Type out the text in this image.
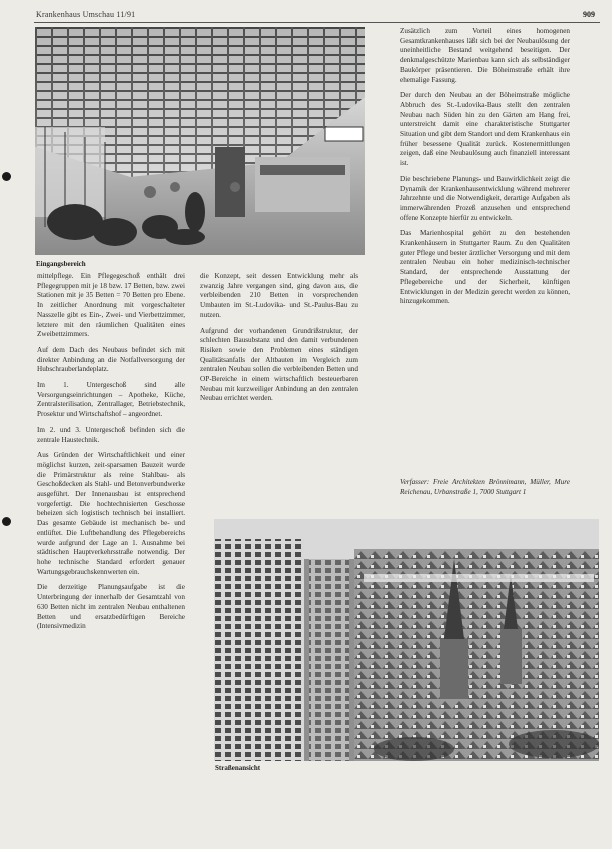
Krankenhaus Umschau 11/91	909
Eingangsbereich

mittelpflege. Ein Pflegegeschoß enthält drei Pflegegruppen mit je 18 bzw. 17 Betten, bzw. zwei Stationen mit je 35 Betten = 70 Betten pro Ebene. In zeitlicher Anordnung mit vorgeschalteter Nasszelle gibt es Ein-, Zwei- und Vierbettzimmer, letztere mit den räumlichen Qualitäten eines Zweibettzimmers.

Auf dem Dach des Neubaus befindet sich mit direkter Anbindung an die Notfallversorgung der Hubschrauberlandeplatz.

Im 1. Untergeschoß sind alle Versorgungseinrichtungen – Apotheke, Küche, Zentralsterilisation, Zentrallager, Betriebstechnik, Prosektur und Wirtschaftshof – angeordnet.

Im 2. und 3. Untergeschoß befinden sich die zentrale Haustechnik.

Aus Gründen der Wirtschaftlichkeit und einer möglichst kurzen, zeit-sparsamen Bauzeit wurde die Primärstruktur als reine Stahlbau- als Geschoßdecken als Stahl- und Betonverbundwerke ausgeführt. Der Innenausbau ist entsprechend vorgefertigt. Die hochtechnisierten Geschosse beheizen sich logistisch technisch bei installiert. Das gesamte Gebäude ist mechanisch be- und entlüftet. Die Luftbehandlung des Pflegebereichs wurde aufgrund der Lage an 1. Ausnahme bei städtischen Hauptverkehrsstraße notwendig. Der hohe technische Standard erfordert genauer Wartungsgebrauchskennwerten ein.

Die derzeitige Planungsaufgabe ist die Unterbringung der innerhalb der Gesamtzahl von 630 Betten nicht im zentralen Neubau enthaltenen Betten und ersatzbedürftigen Bereiche (Intensivmedizin

die Konzept, seit dessen Entwicklung mehr als zwanzig Jahre vergangen sind, ging davon aus, die verbleibenden 210 Betten in vorsprechenden Umbauten im St.-Ludovika- und St.-Paulus-Bau zu nutzen.

Aufgrund der vorhandenen Grundrißstruktur, der schlechten Bausubstanz und den damit verbundenen Risiken sowie den Problemen eines ständigen Qualitätsanfalls der Altbauten im Vergleich zum zentralen Neubau sollen die verbleibenden Betten und OP-Bereiche in einem wirtschaftlich besteuerbaren Neubau mit kurzweiliger Anbindung an den zentralen Neubau errichtet werden.

Zusätzlich zum Vorteil eines homogenen Gesamtkrankenhauses läßt sich bei der Neubaulösung der uneinheitliche Bestand weitgehend beseitigen. Der denkmalgeschützte Marienbau kann sich als selbständiger Baukörper präsentieren. Die Böheimstraße erhält ihre ehemalige Fassung.

Der durch den Neubau an der Böheimstraße mögliche Abbruch des St.-Ludovika-Baus stellt den zentralen Neubau nach Süden hin zu den Gärten am Hang frei, unterstreicht damit eine charakteristische Stuttgarter Situation und gibt dem Standort und dem Krankenhaus ein früher besessene Qualität zurück. Kostenermittlungen zeigen, daß eine Neubaulösung auch finanziell interessant ist.

Die beschriebene Planungs- und Bauwirklichkeit zeigt die Dynamik der Krankenhausentwicklung während mehrerer Jahrzehnte und die Notwendigkeit, derartige Aufgaben als immerwährenden Prozeß anzusehen und entsprechend offene Konzepte hierfür zu entwickeln.

Das Marienhospital gehört zu den bestehenden Krankenhäusern in Stuttgarter Raum. Zu den Qualitäten guter Pflege und bester ärztlicher Versorgung und mit dem zentralen Neubau ein hoher medizinisch-technischer Standard, der entsprechende Ausstattung der Pflegebereiche und der Sicherheit, künftigen Entwicklungen in der Medizin gerecht werden zu können, hinzugekommen.

Verfasser: Freie Architekten Brönnimann, Müller, Mure Reichenau, Urbanstraße 1, 7000 Stuttgart 1
Straßenansicht
